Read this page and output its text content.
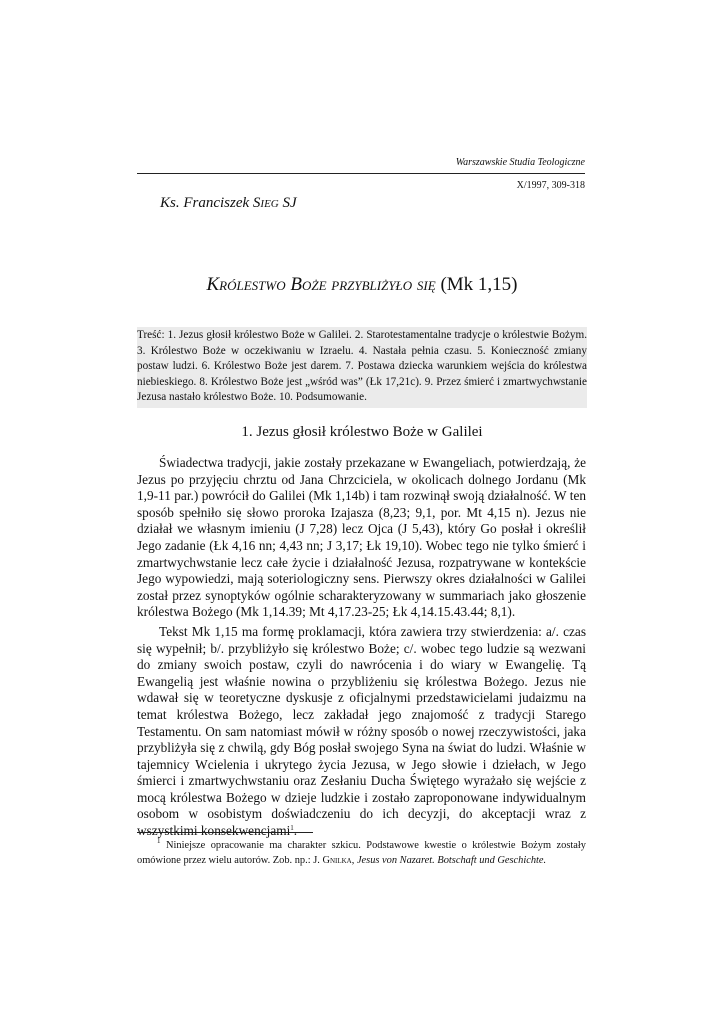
Warszawskie Studia Teologiczne
X/1997, 309-318
Ks. Franciszek Sieg SJ
Królestwo Boże przybliżyło się (Mk 1,15)
Treść: 1. Jezus głosił królestwo Boże w Galilei. 2. Starotestamentalne tradycje o królestwie Bożym. 3. Królestwo Boże w oczekiwaniu w Izraelu. 4. Nastała pełnia czasu. 5. Konieczność zmiany postaw ludzi. 6. Królestwo Boże jest darem. 7. Postawa dziecka warunkiem wejścia do królestwa niebieskiego. 8. Królestwo Boże jest „wśród was” (Łk 17,21c). 9. Przez śmierć i zmartwychwstanie Jezusa nastało królestwo Boże. 10. Podsumowanie.
1. Jezus głosił królestwo Boże w Galilei

Świadectwa tradycji, jakie zostały przekazane w Ewangeliach, potwierdzają, że Jezus po przyjęciu chrztu od Jana Chrzciciela, w okolicach dolnego Jordanu (Mk 1,9-11 par.) powrócił do Galilei (Mk 1,14b) i tam rozwinął swoją działalność. W ten sposób spełniło się słowo proroka Izajasza (8,23; 9,1, por. Mt 4,15 n). Jezus nie działał we własnym imieniu (J 7,28) lecz Ojca (J 5,43), który Go posłał i określił Jego zadanie (Łk 4,16 nn; 4,43 nn; J 3,17; Łk 19,10). Wobec tego nie tylko śmierć i zmartwychwstanie lecz całe życie i działalność Jezusa, rozpatrywane w kontekście Jego wypowiedzi, mają soteriologiczny sens. Pierwszy okres działalności w Galilei został przez synoptyków ogólnie scharakteryzowany w summariach jako głoszenie królestwa Bożego (Mk 1,14.39; Mt 4,17.23-25; Łk 4,14.15.43.44; 8,1).

Tekst Mk 1,15 ma formę proklamacji, która zawiera trzy stwierdzenia: a/. czas się wypełnił; b/. przybliżyło się królestwo Boże; c/. wobec tego ludzie są wezwani do zmiany swoich postaw, czyli do nawrócenia i do wiary w Ewangelię. Tą Ewangelią jest właśnie nowina o przybliżeniu się królestwa Bożego. Jezus nie wdawał się w teoretyczne dyskusje z oficjalnymi przedstawicielami judaizmu na temat królestwa Bożego, lecz zakładał jego znajomość z tradycji Starego Testamentu. On sam natomiast mówił w różny sposób o nowej rzeczywistości, jaka przybliżyła się z chwilą, gdy Bóg posłał swojego Syna na świat do ludzi. Właśnie w tajemnicy Wcielenia i ukrytego życia Jezusa, w Jego słowie i dziełach, w Jego śmierci i zmartwychwstaniu oraz Zesłaniu Ducha Świętego wyrażało się wejście z mocą królestwa Bożego w dzieje ludzkie i zostało zaproponowane indywidualnym osobom w osobistym doświadczeniu do ich decyzji, do akceptacji wraz z wszystkimi konsekwencjami$^1$.

$^1$ Niniejsze opracowanie ma charakter szkicu. Podstawowe kwestie o królestwie Bożym zostały omówione przez wielu autorów. Zob. np.: J. Gnilka, Jesus von Nazaret. Botschaft und Geschichte.
